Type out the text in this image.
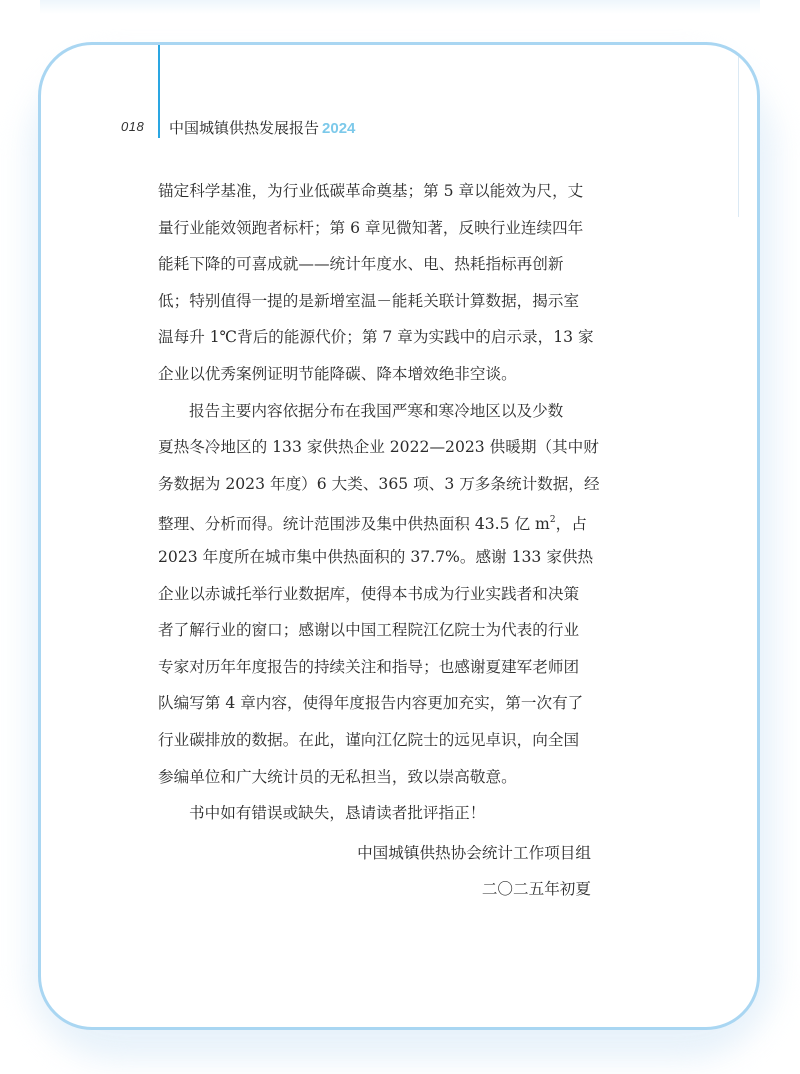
018 中国城镇供热发展报告 2024
锚定科学基准，为行业低碳革命奠基；第 5 章以能效为尺，丈
量行业能效领跑者标杆；第 6 章见微知著，反映行业连续四年
能耗下降的可喜成就——统计年度水、电、热耗指标再创新
低；特别值得一提的是新增室温－能耗关联计算数据，揭示室
温每升 1℃背后的能源代价；第 7 章为实践中的启示录，13 家
企业以优秀案例证明节能降碳、降本增效绝非空谈。
报告主要内容依据分布在我国严寒和寒冷地区以及少数
夏热冬冷地区的 133 家供热企业 2022—2023 供暖期（其中财
务数据为 2023 年度）6 大类、365 项、3 万多条统计数据，经
整理、分析而得。统计范围涉及集中供热面积 43.5 亿 $m^2$，占
2023 年度所在城市集中供热面积的 37.7%。感谢 133 家供热
企业以赤诚托举行业数据库，使得本书成为行业实践者和决策
者了解行业的窗口；感谢以中国工程院江亿院士为代表的行业
专家对历年年度报告的持续关注和指导；也感谢夏建军老师团
队编写第 4 章内容，使得年度报告内容更加充实，第一次有了
行业碳排放的数据。在此，谨向江亿院士的远见卓识，向全国
参编单位和广大统计员的无私担当，致以崇高敬意。
书中如有错误或缺失，恳请读者批评指正！
中国城镇供热协会统计工作项目组
二〇二五年初夏
